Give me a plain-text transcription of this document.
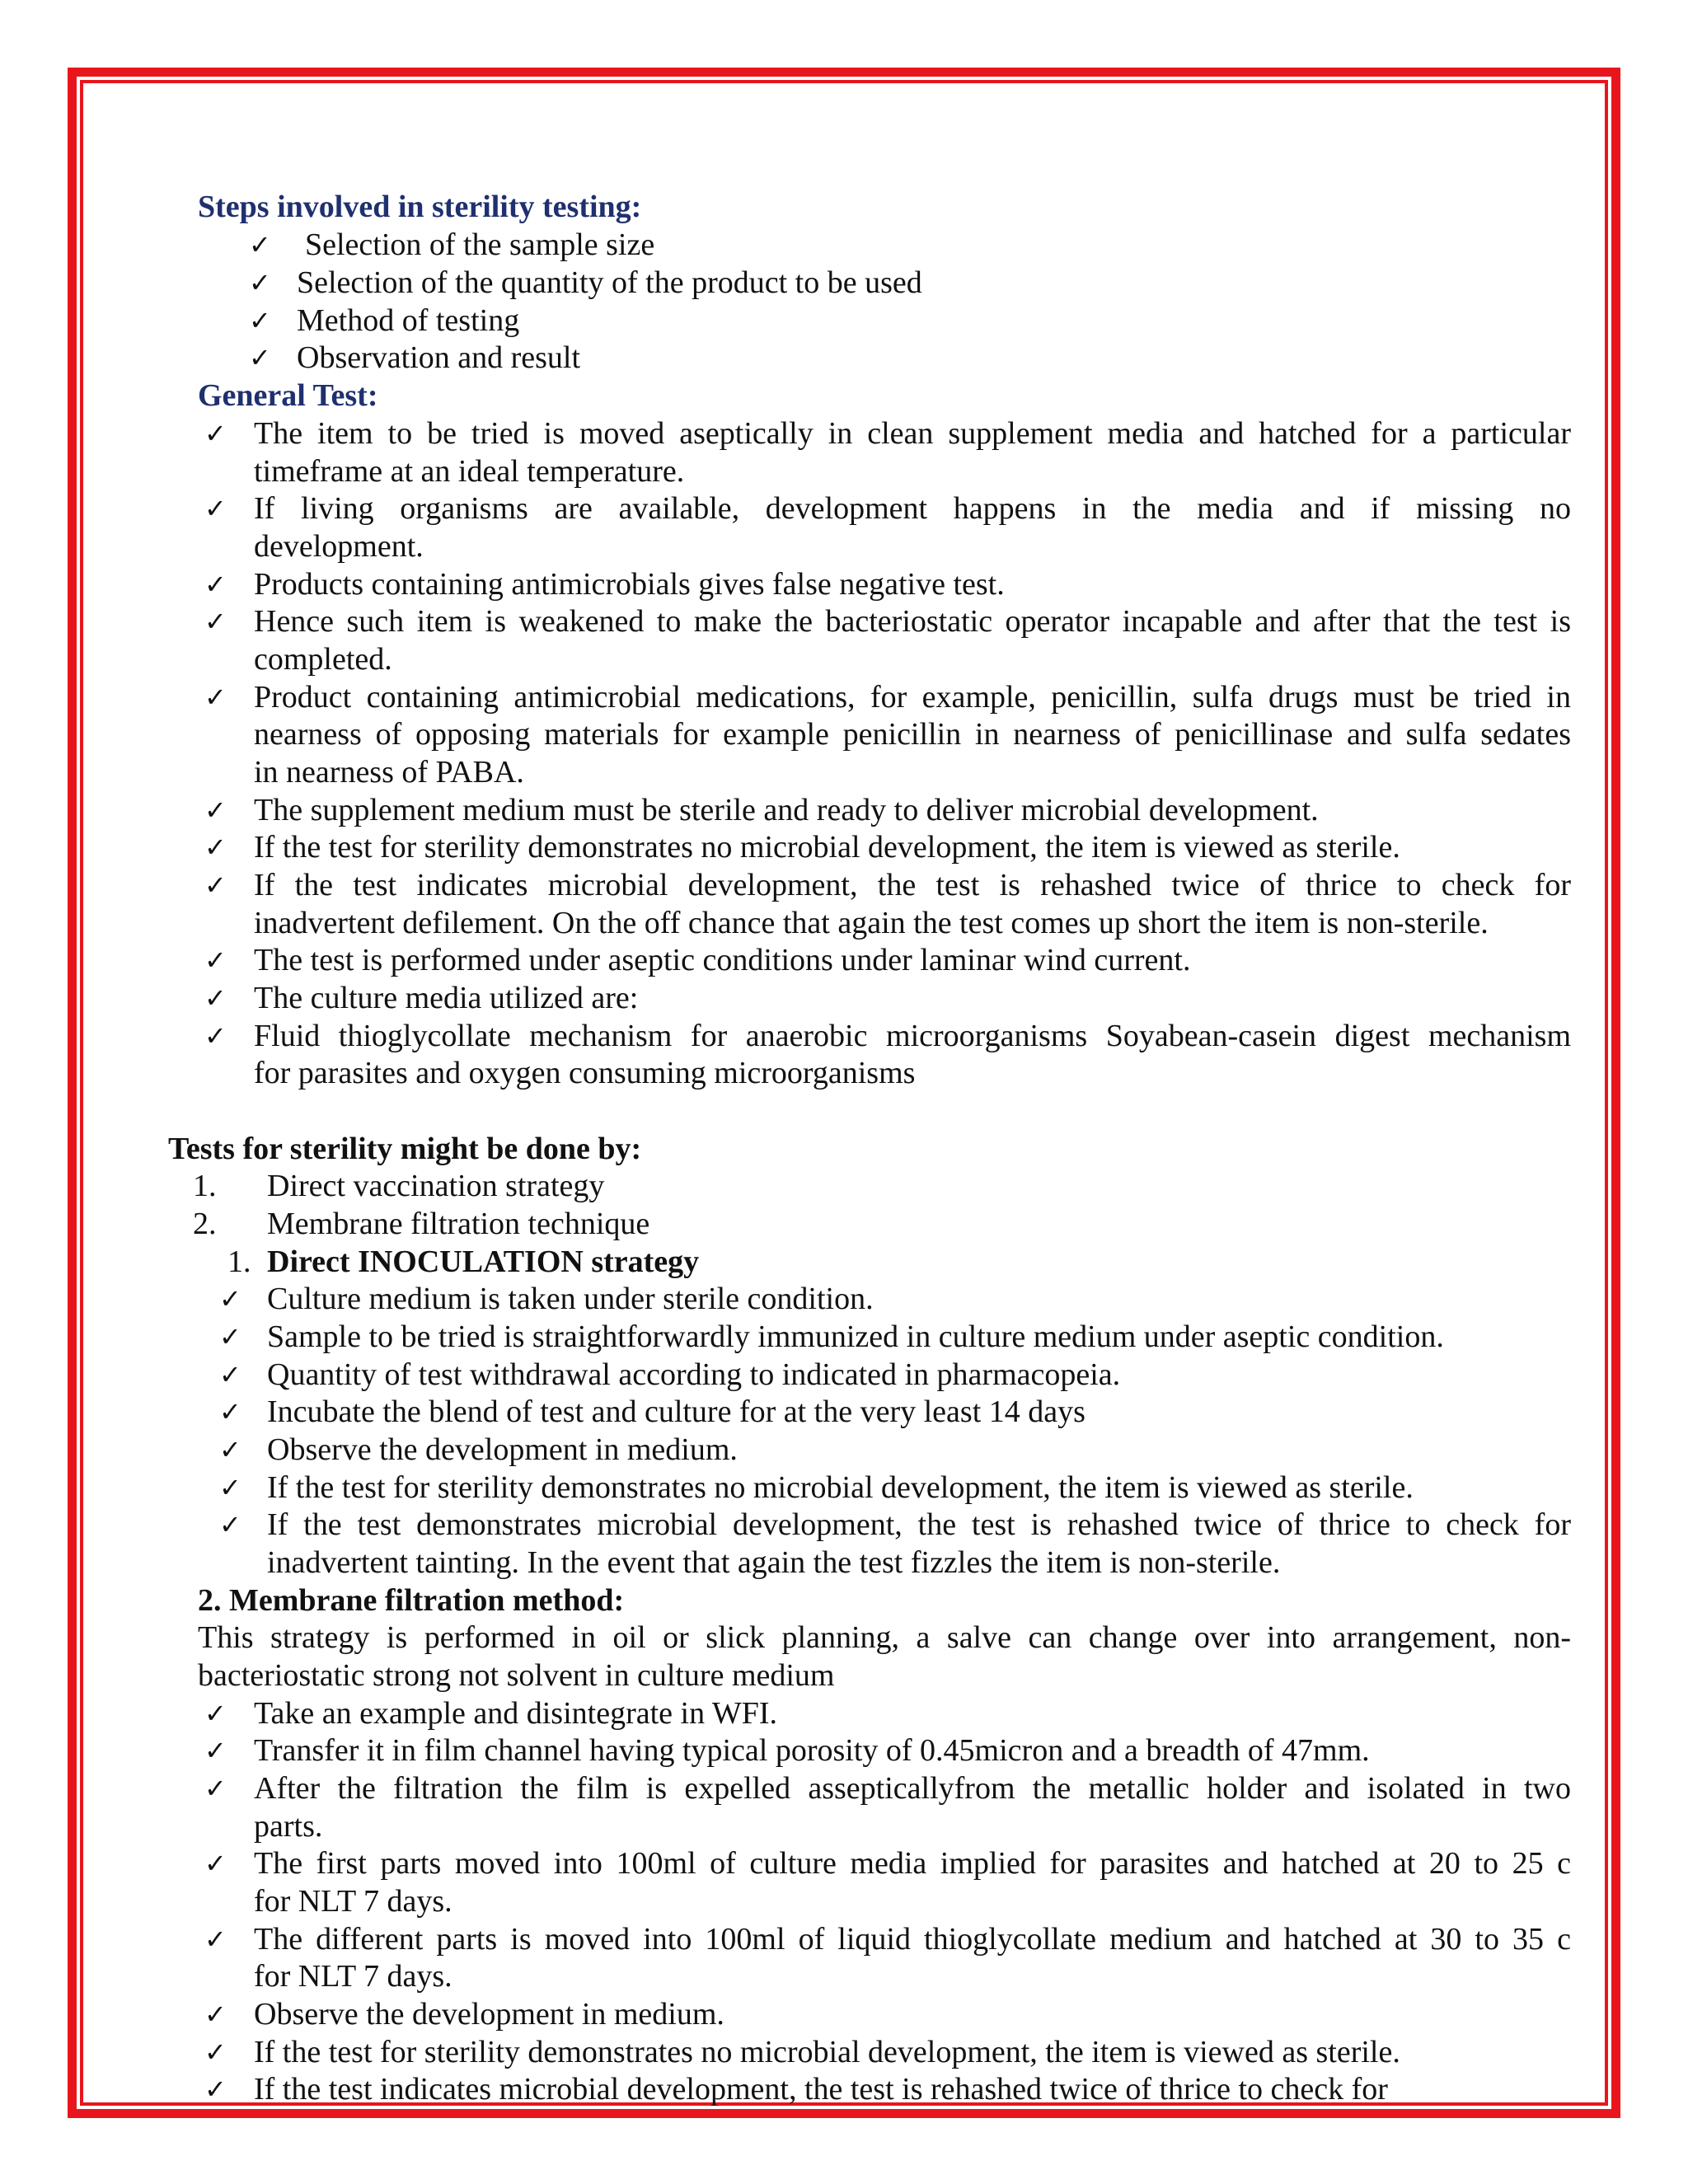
Steps involved in sterility testing:
✓ Selection of the sample size
✓ Selection of the quantity of the product to be used
✓ Method of testing
✓ Observation and result
General Test:
✓ The item to be tried is moved aseptically in clean supplement media and hatched for a particular
timeframe at an ideal temperature.
✓ If living organisms are available, development happens in the media and if missing no
development.
✓ Products containing antimicrobials gives false negative test.
✓ Hence such item is weakened to make the bacteriostatic operator incapable and after that the test is
completed.
✓ Product containing antimicrobial medications, for example, penicillin, sulfa drugs must be tried in
nearness of opposing materials for example penicillin in nearness of penicillinase and sulfa sedates
in nearness of PABA.
✓ The supplement medium must be sterile and ready to deliver microbial development.
✓ If the test for sterility demonstrates no microbial development, the item is viewed as sterile.
✓ If the test indicates microbial development, the test is rehashed twice of thrice to check for
inadvertent defilement. On the off chance that again the test comes up short the item is non-sterile.
✓ The test is performed under aseptic conditions under laminar wind current.
✓ The culture media utilized are:
✓ Fluid thioglycollate mechanism for anaerobic microorganisms Soyabean-casein digest mechanism
for parasites and oxygen consuming microorganisms
Tests for sterility might be done by:
1. Direct vaccination strategy
2. Membrane filtration technique
1. Direct INOCULATION strategy
✓ Culture medium is taken under sterile condition.
✓ Sample to be tried is straightforwardly immunized in culture medium under aseptic condition.
✓ Quantity of test withdrawal according to indicated in pharmacopeia.
✓ Incubate the blend of test and culture for at the very least 14 days
✓ Observe the development in medium.
✓ If the test for sterility demonstrates no microbial development, the item is viewed as sterile.
✓ If the test demonstrates microbial development, the test is rehashed twice of thrice to check for
inadvertent tainting. In the event that again the test fizzles the item is non-sterile.
2. Membrane filtration method:
This strategy is performed in oil or slick planning, a salve can change over into arrangement, non-
bacteriostatic strong not solvent in culture medium
✓ Take an example and disintegrate in WFI.
✓ Transfer it in film channel having typical porosity of 0.45micron and a breadth of 47mm.
✓ After the filtration the film is expelled assepticallyfrom the metallic holder and isolated in two
parts.
✓ The first parts moved into 100ml of culture media implied for parasites and hatched at 20 to 25 c
for NLT 7 days.
✓ The different parts is moved into 100ml of liquid thioglycollate medium and hatched at 30 to 35 c
for NLT 7 days.
✓ Observe the development in medium.
✓ If the test for sterility demonstrates no microbial development, the item is viewed as sterile.
✓ If the test indicates microbial development, the test is rehashed twice of thrice to check for
